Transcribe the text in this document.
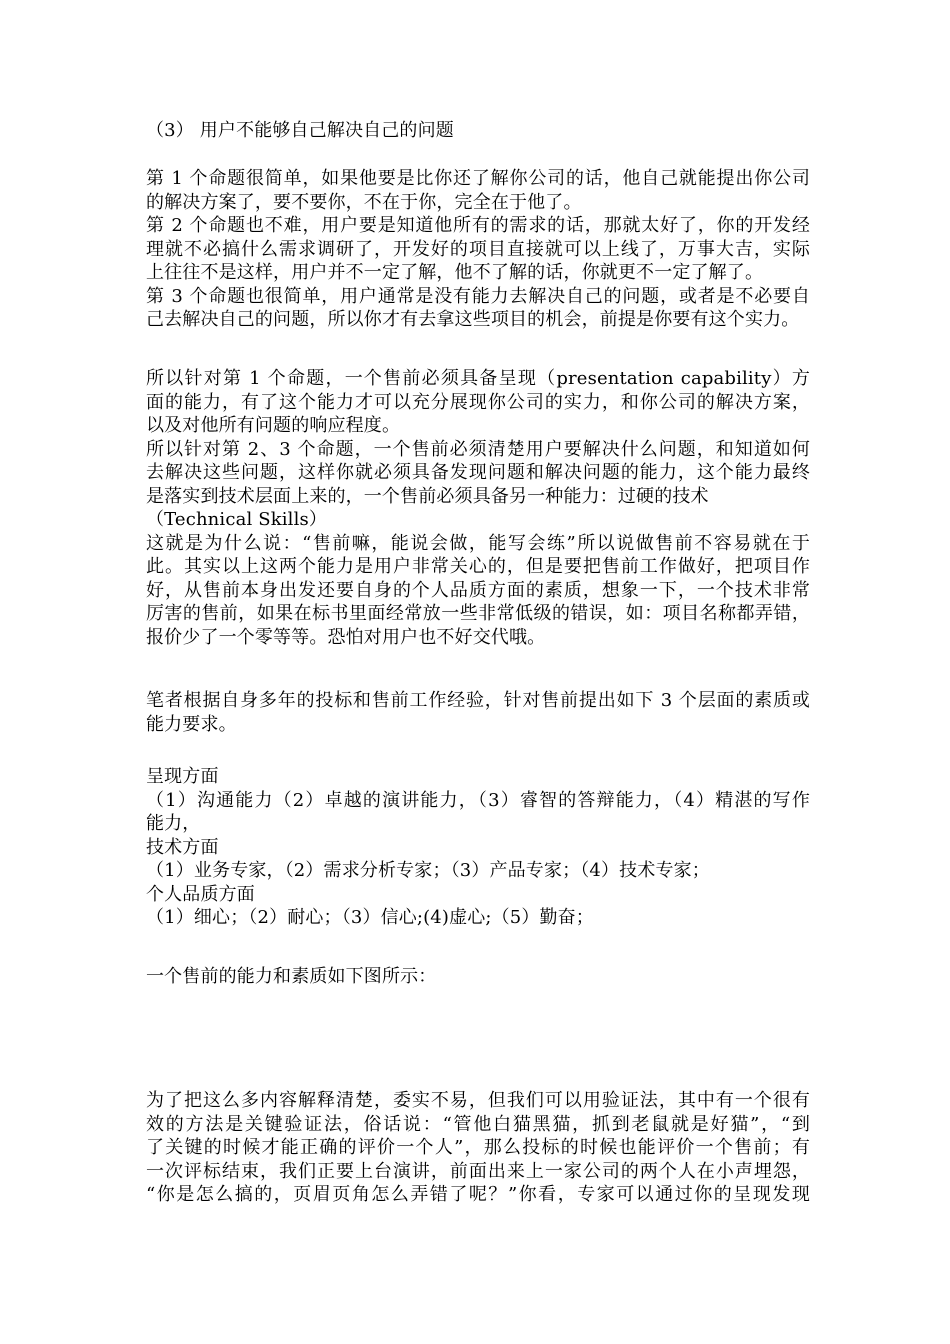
（3） 用户不能够自己解决自己的问题
第 1 个命题很简单，如果他要是比你还了解你公司的话，他自己就能提出你公司
的解决方案了，要不要你，不在于你，完全在于他了。
第 2 个命题也不难，用户要是知道他所有的需求的话，那就太好了，你的开发经
理就不必搞什么需求调研了，开发好的项目直接就可以上线了，万事大吉，实际
上往往不是这样，用户并不一定了解，他不了解的话，你就更不一定了解了。
第 3 个命题也很简单，用户通常是没有能力去解决自己的问题，或者是不必要自
己去解决自己的问题，所以你才有去拿这些项目的机会，前提是你要有这个实力。
所以针对第 1 个命题，一个售前必须具备呈现（presentation capability）方
面的能力，有了这个能力才可以充分展现你公司的实力，和你公司的解决方案，
以及对他所有问题的响应程度。
所以针对第 2、3 个命题，一个售前必须清楚用户要解决什么问题，和知道如何
去解决这些问题，这样你就必须具备发现问题和解决问题的能力，这个能力最终
是落实到技术层面上来的，一个售前必须具备另一种能力：过硬的技术
（Technical Skills）
这就是为什么说：“售前嘛，能说会做，能写会练”所以说做售前不容易就在于
此。其实以上这两个能力是用户非常关心的，但是要把售前工作做好，把项目作
好，从售前本身出发还要自身的个人品质方面的素质，想象一下，一个技术非常
厉害的售前，如果在标书里面经常放一些非常低级的错误，如：项目名称都弄错，
报价少了一个零等等。恐怕对用户也不好交代哦。
笔者根据自身多年的投标和售前工作经验，针对售前提出如下 3 个层面的素质或
能力要求。
呈现方面
（1）沟通能力（2）卓越的演讲能力，（3）睿智的答辩能力，（4）精湛的写作
能力，
技术方面
（1）业务专家，（2）需求分析专家；（3）产品专家；（4）技术专家；
个人品质方面
（1）细心；（2）耐心；（3）信心;(4)虚心;（5）勤奋；
一个售前的能力和素质如下图所示：
为了把这么多内容解释清楚，委实不易，但我们可以用验证法，其中有一个很有
效的方法是关键验证法，俗话说：“管他白猫黑猫，抓到老鼠就是好猫”，“到
了关键的时候才能正确的评价一个人”，那么投标的时候也能评价一个售前；有
一次评标结束，我们正要上台演讲，前面出来上一家公司的两个人在小声埋怨，
“你是怎么搞的，页眉页角怎么弄错了呢？”你看，专家可以通过你的呈现发现
